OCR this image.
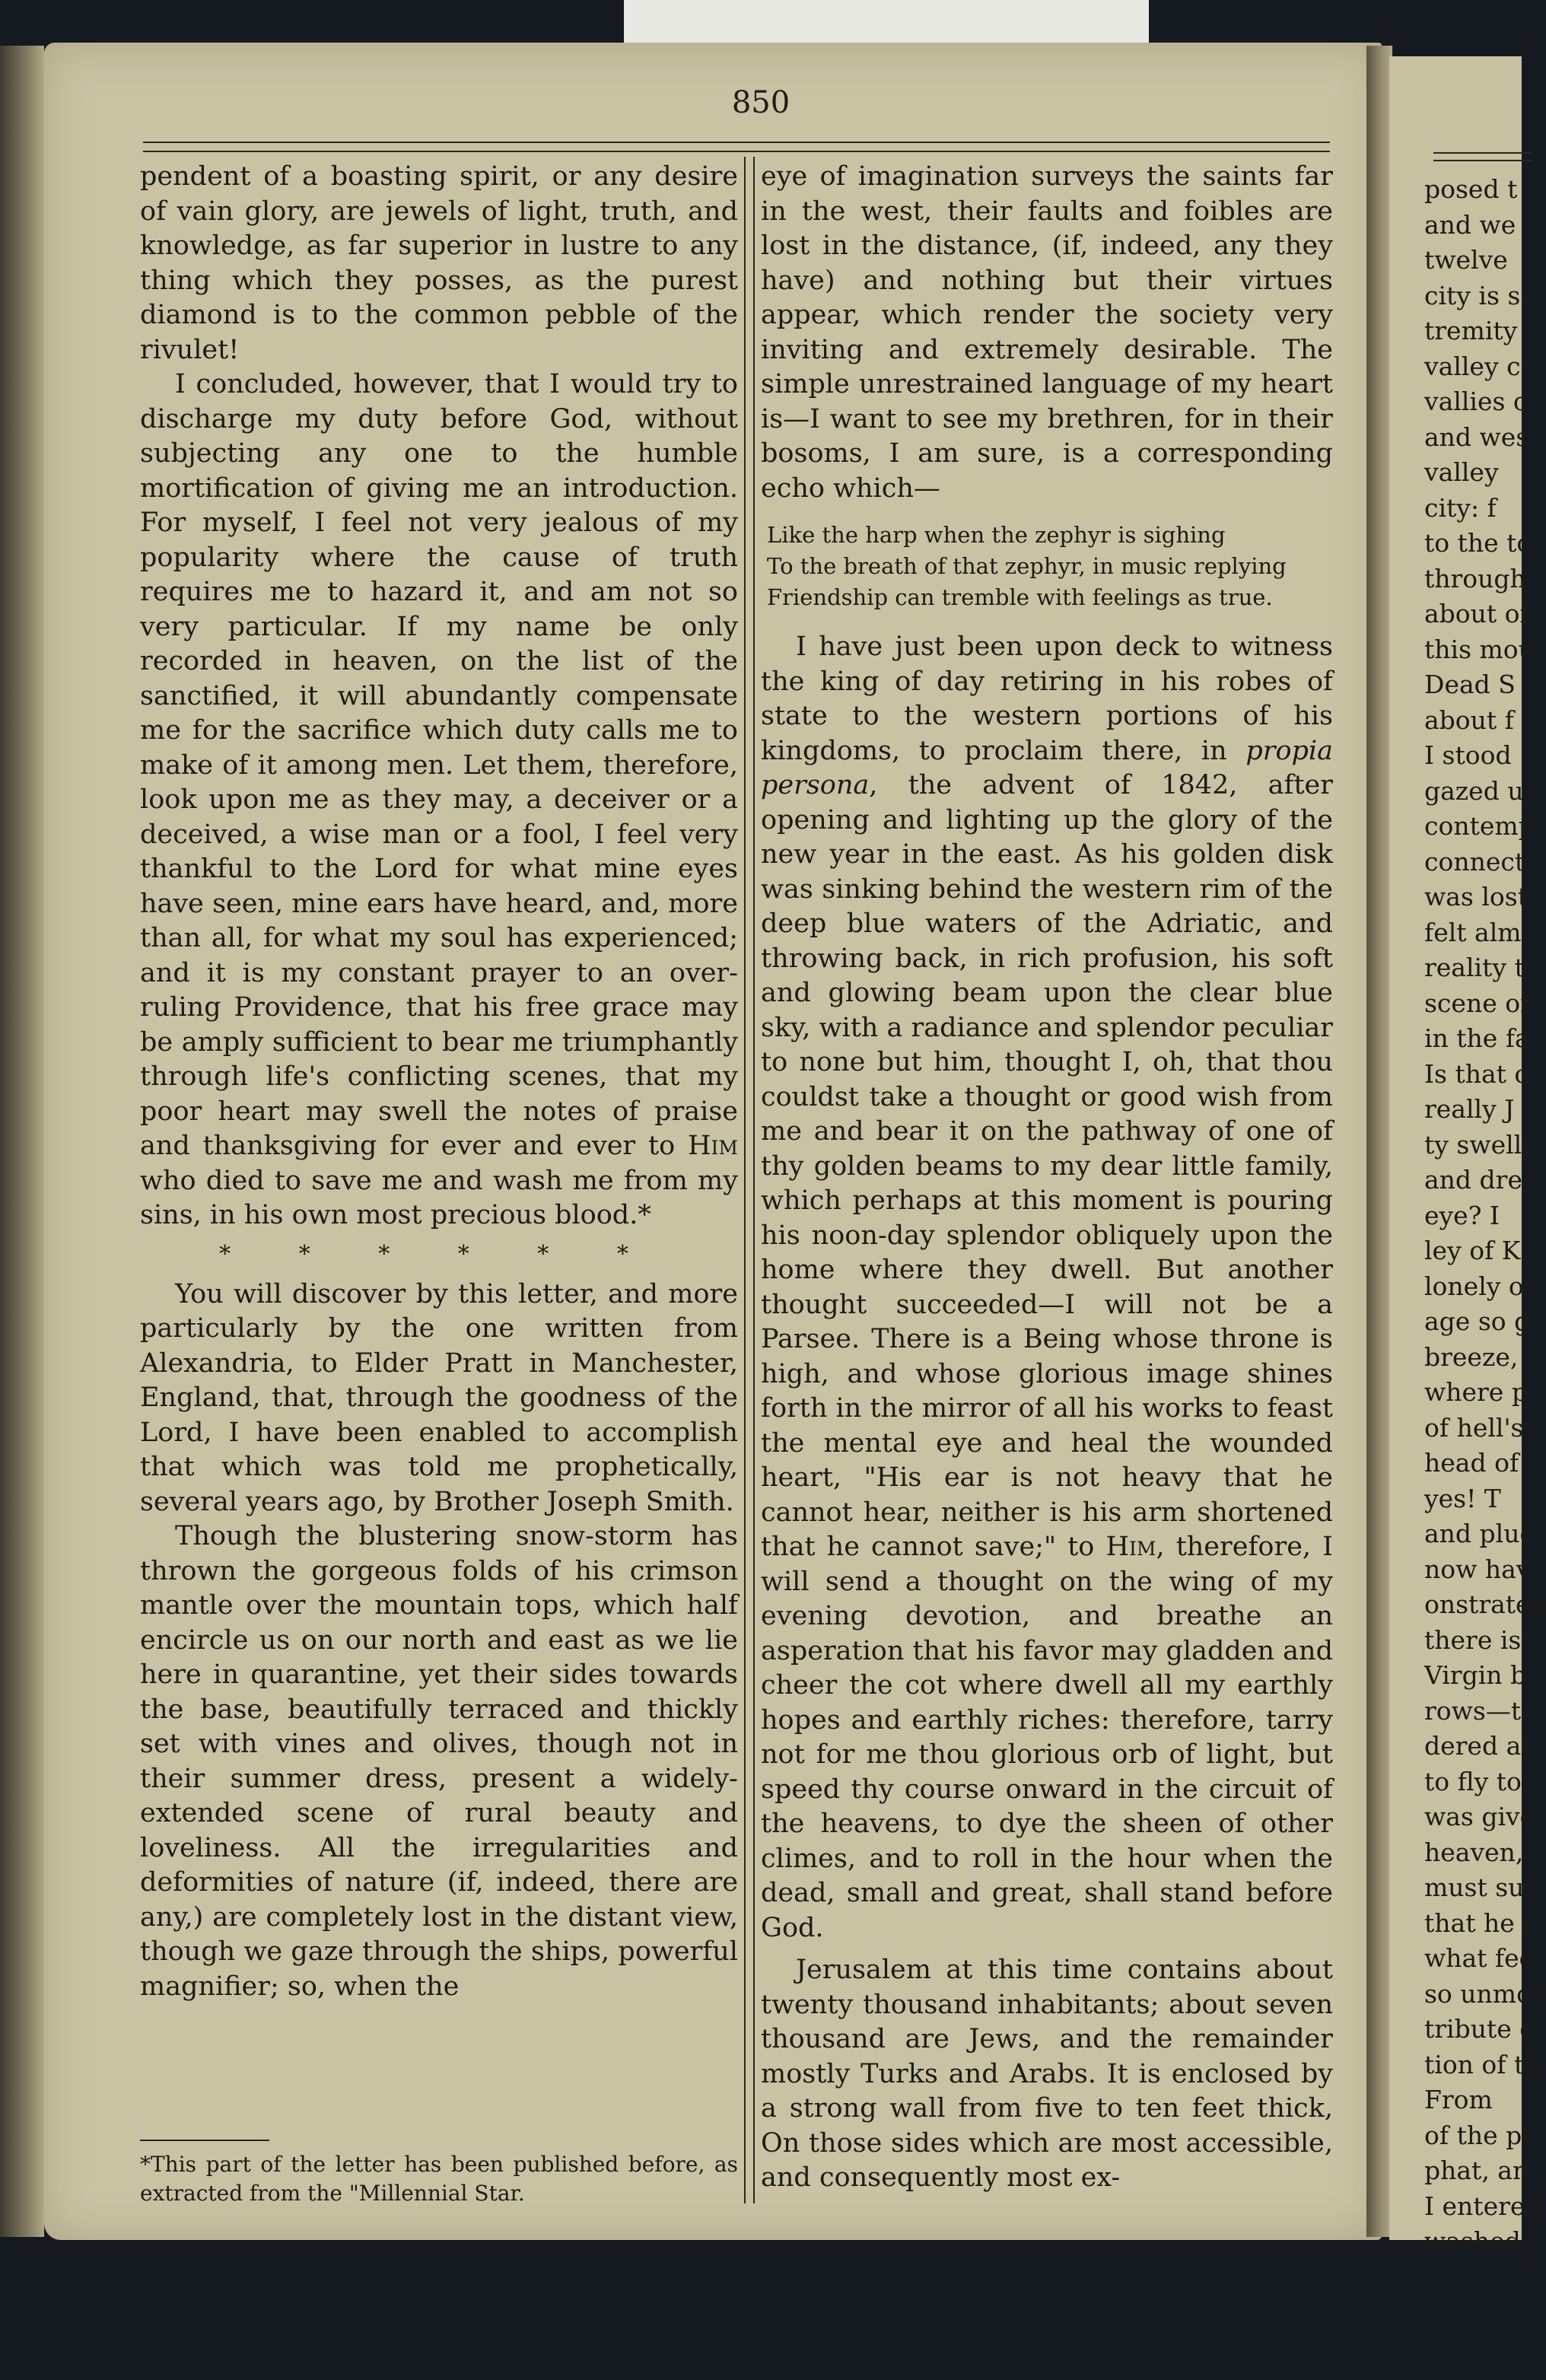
850

pendent of a boasting spirit, or any desire of vain glory, are jewels of light, truth, and knowledge, as far superior in lustre to any thing which they posses, as the purest diamond is to the common pebble of the rivulet!

I concluded, however, that I would try to discharge my duty before God, without subjecting any one to the humble mortification of giving me an introduction. For myself, I feel not very jealous of my popularity where the cause of truth requires me to hazard it, and am not so very particular. If my name be only recorded in heaven, on the list of the sanctified, it will abundantly compensate me for the sacrifice which duty calls me to make of it among men. Let them, therefore, look upon me as they may, a deceiver or a deceived, a wise man or a fool, I feel very thankful to the Lord for what mine eyes have seen, mine ears have heard, and, more than all, for what my soul has experienced; and it is my constant prayer to an over-ruling Providence, that his free grace may be amply sufficient to bear me triumphantly through life's conflicting scenes, that my poor heart may swell the notes of praise and thanksgiving for ever and ever to Him who died to save me and wash me from my sins, in his own most precious blood.*

* * * * * *

You will discover by this letter, and more particularly by the one written from Alexandria, to Elder Pratt in Manchester, England, that, through the goodness of the Lord, I have been enabled to accomplish that which was told me prophetically, several years ago, by Brother Joseph Smith.

Though the blustering snow-storm has thrown the gorgeous folds of his crimson mantle over the mountain tops, which half encircle us on our north and east as we lie here in quarantine, yet their sides towards the base, beautifully terraced and thickly set with vines and olives, though not in their summer dress, present a widely-extended scene of rural beauty and loveliness. All the irregularities and deformities of nature (if, indeed, there are any,) are completely lost in the distant view, though we gaze through the ships, powerful magnifier; so, when the

*This part of the letter has been published before, as extracted from the "Millennial Star.

eye of imagination surveys the saints far in the west, their faults and foibles are lost in the distance, (if, indeed, any they have) and nothing but their virtues appear, which render the society very inviting and extremely desirable. The simple unrestrained language of my heart is—I want to see my brethren, for in their bosoms, I am sure, is a corresponding echo which—

Like the harp when the zephyr is sighing
To the breath of that zephyr, in music replying
Friendship can tremble with feelings as true.

I have just been upon deck to witness the king of day retiring in his robes of state to the western portions of his kingdoms, to proclaim there, in propia persona, the advent of 1842, after opening and lighting up the glory of the new year in the east. As his golden disk was sinking behind the western rim of the deep blue waters of the Adriatic, and throwing back, in rich profusion, his soft and glowing beam upon the clear blue sky, with a radiance and splendor peculiar to none but him, thought I, oh, that thou couldst take a thought or good wish from me and bear it on the pathway of one of thy golden beams to my dear little family, which perhaps at this moment is pouring his noon-day splendor obliquely upon the home where they dwell. But another thought succeeded—I will not be a Parsee. There is a Being whose throne is high, and whose glorious image shines forth in the mirror of all his works to feast the mental eye and heal the wounded heart, "His ear is not heavy that he cannot hear, neither is his arm shortened that he cannot save;" to Him, therefore, I will send a thought on the wing of my evening devotion, and breathe an asperation that his favor may gladden and cheer the cot where dwell all my earthly hopes and earthly riches: therefore, tarry not for me thou glorious orb of light, but speed thy course onward in the circuit of the heavens, to dye the sheen of other climes, and to roll in the hour when the dead, small and great, shall stand before God.

Jerusalem at this time contains about twenty thousand inhabitants; about seven thousand are Jews, and the remainder mostly Turks and Arabs. It is enclosed by a strong wall from five to ten feet thick, On those sides which are most accessible, and consequently most ex-

posed t
and we
twelve
city is s
tremity
valley c
vallies c
and wes
valley
city: f
to the to
through
about of
this mou
Dead S
about f
I stood
gazed u
contemp
connect
was lost
felt alm
reality t
scene of
in the fa
Is that c
really J
ty swell
and dre
eye? I
ley of K
lonely o
age so g
breeze,
where p
of hell's
head of
yes! T
and pluc
now hav
onstrates
there is
Virgin b
rows—t
dered at
to fly to
was give
heaven,
must su
that he r
what fee
so unmov
tribute o
tion of th
From
of the pr
phat, an
I entered
washed i
